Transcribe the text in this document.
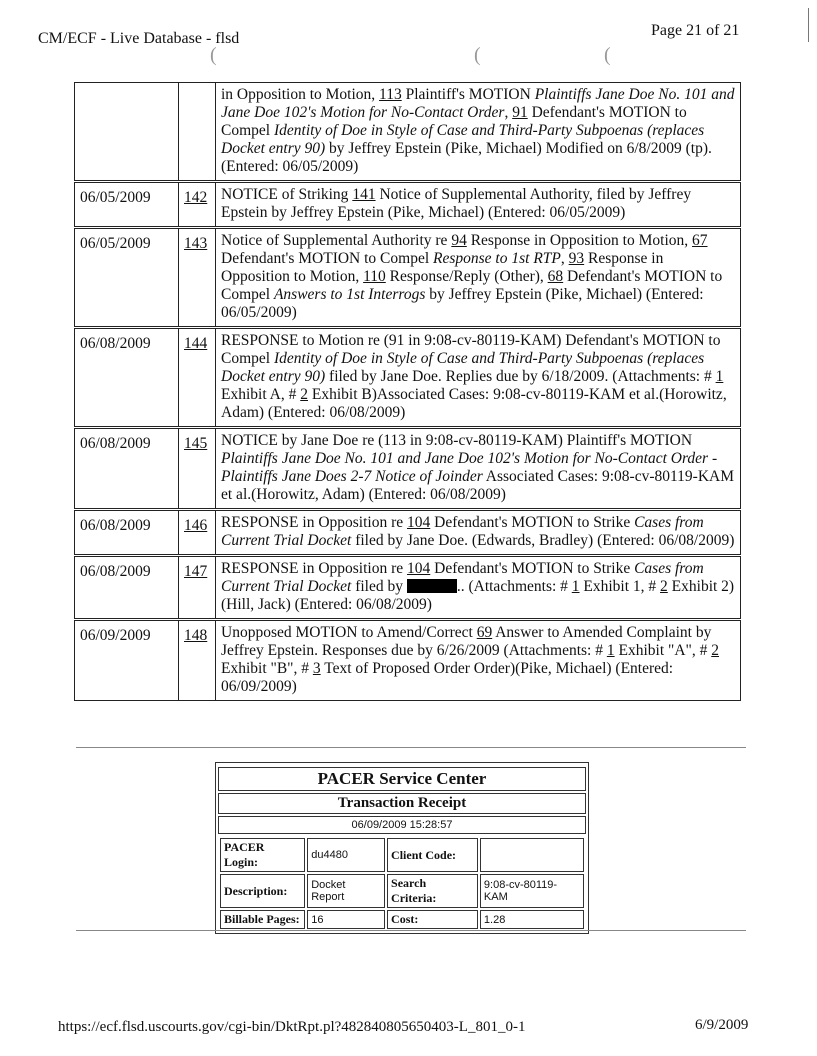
CM/ECF - Live Database - flsd	Page 21 of 21
(	(	(
		in Opposition to Motion, 113 Plaintiff's MOTION Plaintiffs Jane Doe No. 101 and Jane Doe 102's Motion for No-Contact Order, 91 Defendant's MOTION to Compel Identity of Doe in Style of Case and Third-Party Subpoenas (replaces Docket entry 90) by Jeffrey Epstein (Pike, Michael) Modified on 6/8/2009 (tp). (Entered: 06/05/2009)
06/05/2009	142	NOTICE of Striking 141 Notice of Supplemental Authority, filed by Jeffrey Epstein by Jeffrey Epstein (Pike, Michael) (Entered: 06/05/2009)
06/05/2009	143	Notice of Supplemental Authority re 94 Response in Opposition to Motion, 67 Defendant's MOTION to Compel Response to 1st RTP, 93 Response in Opposition to Motion, 110 Response/Reply (Other), 68 Defendant's MOTION to Compel Answers to 1st Interrogs by Jeffrey Epstein (Pike, Michael) (Entered: 06/05/2009)
06/08/2009	144	RESPONSE to Motion re (91 in 9:08-cv-80119-KAM) Defendant's MOTION to Compel Identity of Doe in Style of Case and Third-Party Subpoenas (replaces Docket entry 90) filed by Jane Doe. Replies due by 6/18/2009. (Attachments: # 1 Exhibit A, # 2 Exhibit B)Associated Cases: 9:08-cv-80119-KAM et al.(Horowitz, Adam) (Entered: 06/08/2009)
06/08/2009	145	NOTICE by Jane Doe re (113 in 9:08-cv-80119-KAM) Plaintiff's MOTION Plaintiffs Jane Doe No. 101 and Jane Doe 102's Motion for No-Contact Order -Plaintiffs Jane Does 2-7 Notice of Joinder Associated Cases: 9:08-cv-80119-KAM et al.(Horowitz, Adam) (Entered: 06/08/2009)
06/08/2009	146	RESPONSE in Opposition re 104 Defendant's MOTION to Strike Cases from Current Trial Docket filed by Jane Doe. (Edwards, Bradley) (Entered: 06/08/2009)
06/08/2009	147	RESPONSE in Opposition re 104 Defendant's MOTION to Strike Cases from Current Trial Docket filed by .. (Attachments: # 1 Exhibit 1, # 2 Exhibit 2)(Hill, Jack) (Entered: 06/08/2009)
06/09/2009	148	Unopposed MOTION to Amend/Correct 69 Answer to Amended Complaint by Jeffrey Epstein. Responses due by 6/26/2009 (Attachments: # 1 Exhibit "A", # 2 Exhibit "B", # 3 Text of Proposed Order Order)(Pike, Michael) (Entered: 06/09/2009)
PACER Service Center
Transaction Receipt
06/09/2009 15:28:57
PACER Login:	du4480	Client Code:	
Description:	Docket Report	Search Criteria:	9:08-cv-80119-KAM
Billable Pages:	16	Cost:	1.28
https://ecf.flsd.uscourts.gov/cgi-bin/DktRpt.pl?482840805650403-L_801_0-1	6/9/2009
